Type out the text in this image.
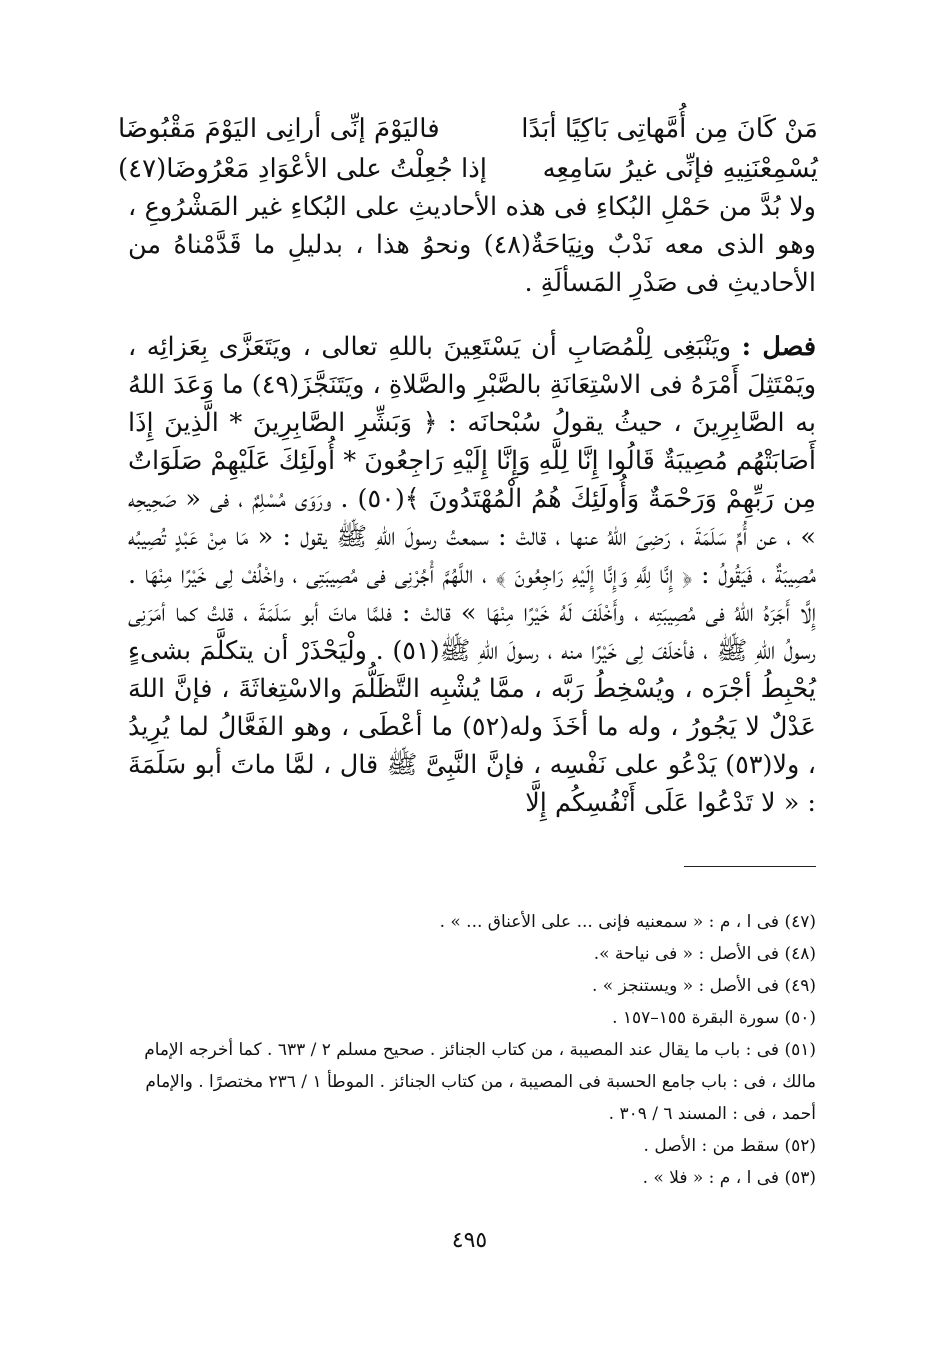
مَنْ كَانَ مِن أُمَّهاتِى بَاكِيًا أبَدًا
فاليَوْمَ إنِّى أرانِى اليَوْمَ مَقْبُوضَا
يُسْمِعْنَنِيهِ فإنِّى غيرُ سَامِعِه
إذا جُعِلْتُ على الأعْوَادِ مَعْرُوضَا(٤٧)

ولا بُدَّ من حَمْلِ البُكاءِ فى هذه الأحاديثِ على البُكاءِ غير المَشْرُوعِ ، وهو الذى معه نَدْبٌ ونِيَاحَةٌ(٤٨) ونحوُ هذا ، بدليلِ ما قَدَّمْناهُ من الأحاديثِ فى صَدْرِ المَسألَةِ .

فصل : ويَنْبَغِى لِلْمُصَابِ أن يَسْتَعِينَ باللهِ تعالى ، ويَتَعَزَّى بِعَزائِه ، ويَمْتَثِلَ أَمْرَهُ فى الاسْتِعَانَةِ بالصَّبْرِ والصَّلاةِ ، ويَتَنَجَّزَ(٤٩) ما وَعَدَ اللهُ به الصَّابِرِينَ ، حيثُ يقولُ سُبْحانَه : ﴿ وَبَشِّرِ الصَّابِرِينَ * الَّذِينَ إِذَا أَصَابَتْهُم مُصِيبَةٌ قَالُوا إِنَّا لِلَّهِ وَإِنَّا إِلَيْهِ رَاجِعُونَ * أُولَئِكَ عَلَيْهِمْ صَلَوَاتٌ مِن رَبِّهِمْ وَرَحْمَةٌ وَأُولَئِكَ هُمُ الْمُهْتَدُونَ ﴾(٥٠) . ورَوَى مُسْلِمٌ ، فى « صَحِيحِه » ، عن أُمِّ سَلَمَةَ ، رَضِىَ اللهُ عنها ، قالتْ : سمعتُ رسولَ اللهِ ﷺ يقول : « مَا مِنْ عَبْدٍ تُصِيبُه مُصِيبَةٌ ، فَيَقُولُ : ﴿ إِنَّا لِلَّهِ وَإِنَّا إِلَيْهِ رَاجِعُونَ ﴾ ، اللَّهُمَّ أْجُرْنِى فى مُصِيبَتِى ، واخْلُفْ لِى خَيْرًا مِنْهَا . إِلَّا أَجَرَهُ اللهُ فى مُصِيبَتِه ، وأَخْلَفَ لَهُ خَيْرًا مِنْهَا » قالتْ : فلمَّا ماتَ أبو سَلَمَةَ ، قلتُ كما أمَرَنِى رسولُ اللهِ ﷺ ، فأخلَفَ لِى خَيْرًا منه ، رسولَ اللهِ ﷺ(٥١) . ولْيَحْذَرْ أن يتكلَّمَ بشىءٍ يُحْبِطُ أجْرَه ، ويُسْخِطُ رَبَّه ، ممَّا يُشْبِه التَّظَلُّمَ والاسْتِغاثَةَ ، فإنَّ اللهَ عَدْلٌ لا يَجُورُ ، وله ما أخَذَ وله(٥٢) ما أعْطَى ، وهو الفَعَّالُ لما يُرِيدُ ، ولا(٥٣) يَدْعُو على نَفْسِه ، فإنَّ النَّبِىَّ ﷺ قال ، لمَّا ماتَ أبو سَلَمَةَ : « لا تَدْعُوا عَلَى أَنْفُسِكُم إِلَّا

(٤٧) فى ا ، م : « سمعنيه فإنى ... على الأعناق ... » .

(٤٨) فى الأصل : « فى نياحة ».

(٤٩) فى الأصل : « ويستنجز » .

(٥٠) سورة البقرة ١٥٥–١٥٧ .

(٥١) فى : باب ما يقال عند المصيبة ، من كتاب الجنائز . صحيح مسلم ٢ / ٦٣٣ . كما أخرجه الإمام مالك ، فى : باب جامع الحسبة فى المصيبة ، من كتاب الجنائز . الموطأ ١ / ٢٣٦ مختصرًا . والإمام أحمد ، فى : المسند ٦ / ٣٠٩ .

(٥٢) سقط من : الأصل .

(٥٣) فى ا ، م : « فلا » .

٤٩٥
